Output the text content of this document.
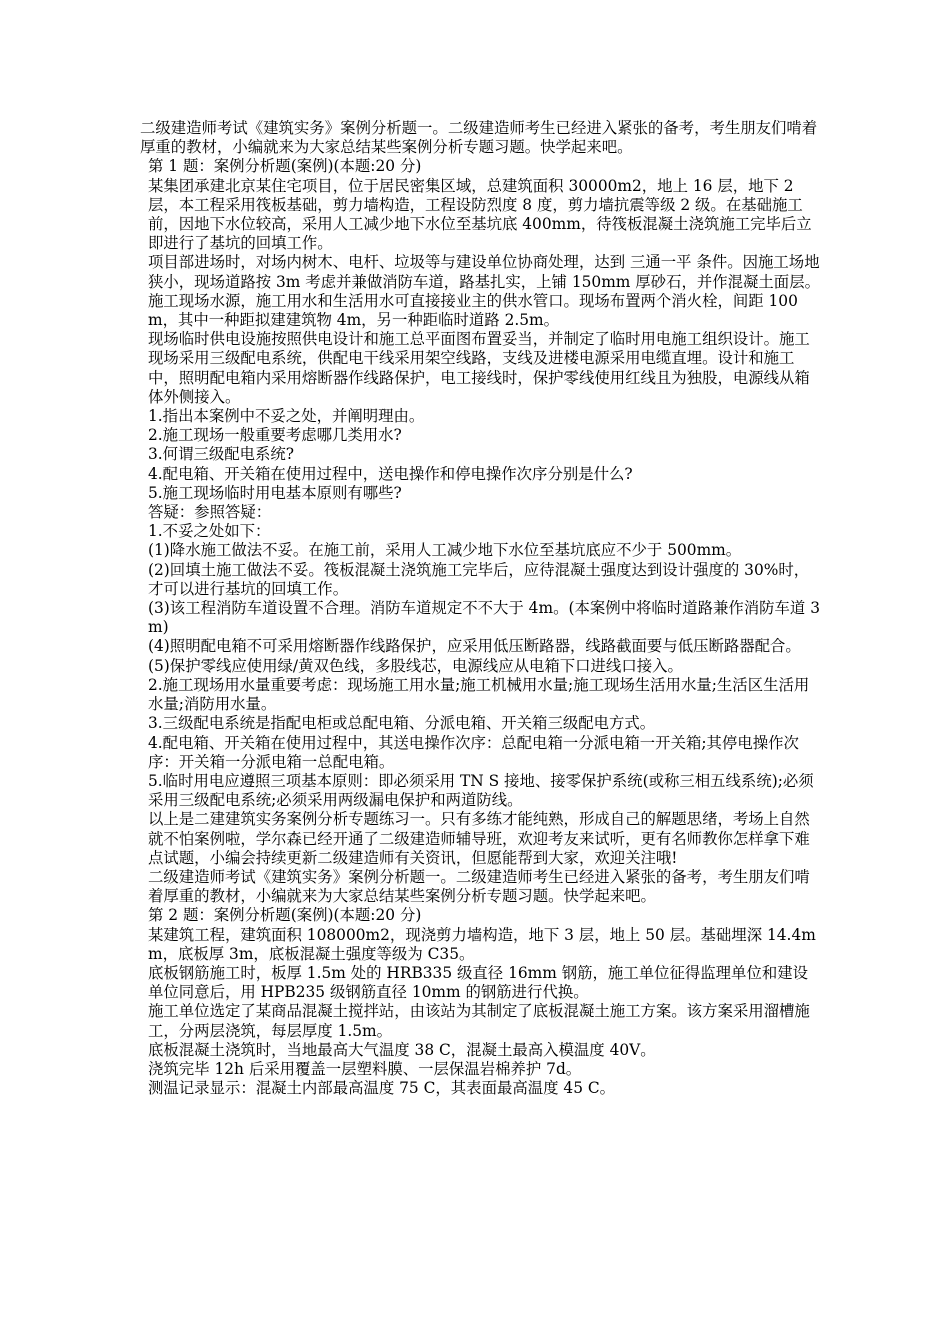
二级建造师考试《建筑实务》案例分析题一。二级建造师考生已经进入紧张的备考，考生朋友们啃着厚重的教材，小编就来为大家总结某些案例分析专题习题。快学起来吧。

第 1 题：案例分析题(案例)(本题:20 分)

某集团承建北京某住宅项目，位于居民密集区域，总建筑面积 30000m2，地上 16 层，地下 2 层，本工程采用筏板基础，剪力墙构造，工程设防烈度 8 度，剪力墙抗震等级 2 级。在基础施工前，因地下水位较高，采用人工减少地下水位至基坑底 400mm，待筏板混凝土浇筑施工完毕后立即进行了基坑的回填工作。

项目部进场时，对场内树木、电杆、垃圾等与建设单位协商处理，达到 三通一平 条件。因施工场地狭小，现场道路按 3m 考虑并兼做消防车道，路基扎实，上铺 150mm 厚砂石，并作混凝土面层。

施工现场水源，施工用水和生活用水可直接接业主的供水管口。现场布置两个消火栓，间距 100m，其中一种距拟建建筑物 4m，另一种距临时道路 2.5m。

现场临时供电设施按照供电设计和施工总平面图布置妥当，并制定了临时用电施工组织设计。施工现场采用三级配电系统，供配电干线采用架空线路，支线及进楼电源采用电缆直埋。设计和施工中，照明配电箱内采用熔断器作线路保护，电工接线时，保护零线使用红线且为独股，电源线从箱体外侧接入。

1.指出本案例中不妥之处，并阐明理由。

2.施工现场一般重要考虑哪几类用水?

3.何谓三级配电系统?

4.配电箱、开关箱在使用过程中，送电操作和停电操作次序分别是什么?

5.施工现场临时用电基本原则有哪些?

答疑：参照答疑：

1.不妥之处如下：

(1)降水施工做法不妥。在施工前，采用人工减少地下水位至基坑底应不少于 500mm。

(2)回填土施工做法不妥。筏板混凝土浇筑施工完毕后，应待混凝土强度达到设计强度的 30%时，才可以进行基坑的回填工作。

(3)该工程消防车道设置不合理。消防车道规定不不大于 4m。(本案例中将临时道路兼作消防车道 3m)

(4)照明配电箱不可采用熔断器作线路保护，应采用低压断路器，线路截面要与低压断路器配合。

(5)保护零线应使用绿/黄双色线，多股线芯，电源线应从电箱下口进线口接入。

2.施工现场用水量重要考虑：现场施工用水量;施工机械用水量;施工现场生活用水量;生活区生活用水量;消防用水量。

3.三级配电系统是指配电柜或总配电箱、分派电箱、开关箱三级配电方式。

4.配电箱、开关箱在使用过程中，其送电操作次序：总配电箱一分派电箱一开关箱;其停电操作次序：开关箱一分派电箱一总配电箱。

5.临时用电应遵照三项基本原则：即必须采用 TN S 接地、接零保护系统(或称三相五线系统);必须采用三级配电系统;必须采用两级漏电保护和两道防线。

以上是二建建筑实务案例分析专题练习一。只有多练才能纯熟，形成自己的解题思绪，考场上自然就不怕案例啦，学尔森已经开通了二级建造师辅导班，欢迎考友来试听，更有名师教你怎样拿下难点试题，小编会持续更新二级建造师有关资讯，但愿能帮到大家，欢迎关注哦!

二级建造师考试《建筑实务》案例分析题一。二级建造师考生已经进入紧张的备考，考生朋友们啃着厚重的教材，小编就来为大家总结某些案例分析专题习题。快学起来吧。

第 2 题：案例分析题(案例)(本题:20 分)

某建筑工程，建筑面积 108000m2，现浇剪力墙构造，地下 3 层，地上 50 层。基础埋深 14.4mm，底板厚 3m，底板混凝土强度等级为 C35。

底板钢筋施工时，板厚 1.5m 处的 HRB335 级直径 16mm 钢筋，施工单位征得监理单位和建设单位同意后，用 HPB235 级钢筋直径 10mm 的钢筋进行代换。

施工单位选定了某商品混凝土搅拌站，由该站为其制定了底板混凝土施工方案。该方案采用溜槽施工，分两层浇筑，每层厚度 1.5m。

底板混凝土浇筑时，当地最高大气温度 38 C，混凝土最高入模温度 40V。

浇筑完毕 12h 后采用覆盖一层塑料膜、一层保温岩棉养护 7d。

测温记录显示：混凝土内部最高温度 75 C，其表面最高温度 45 C。
